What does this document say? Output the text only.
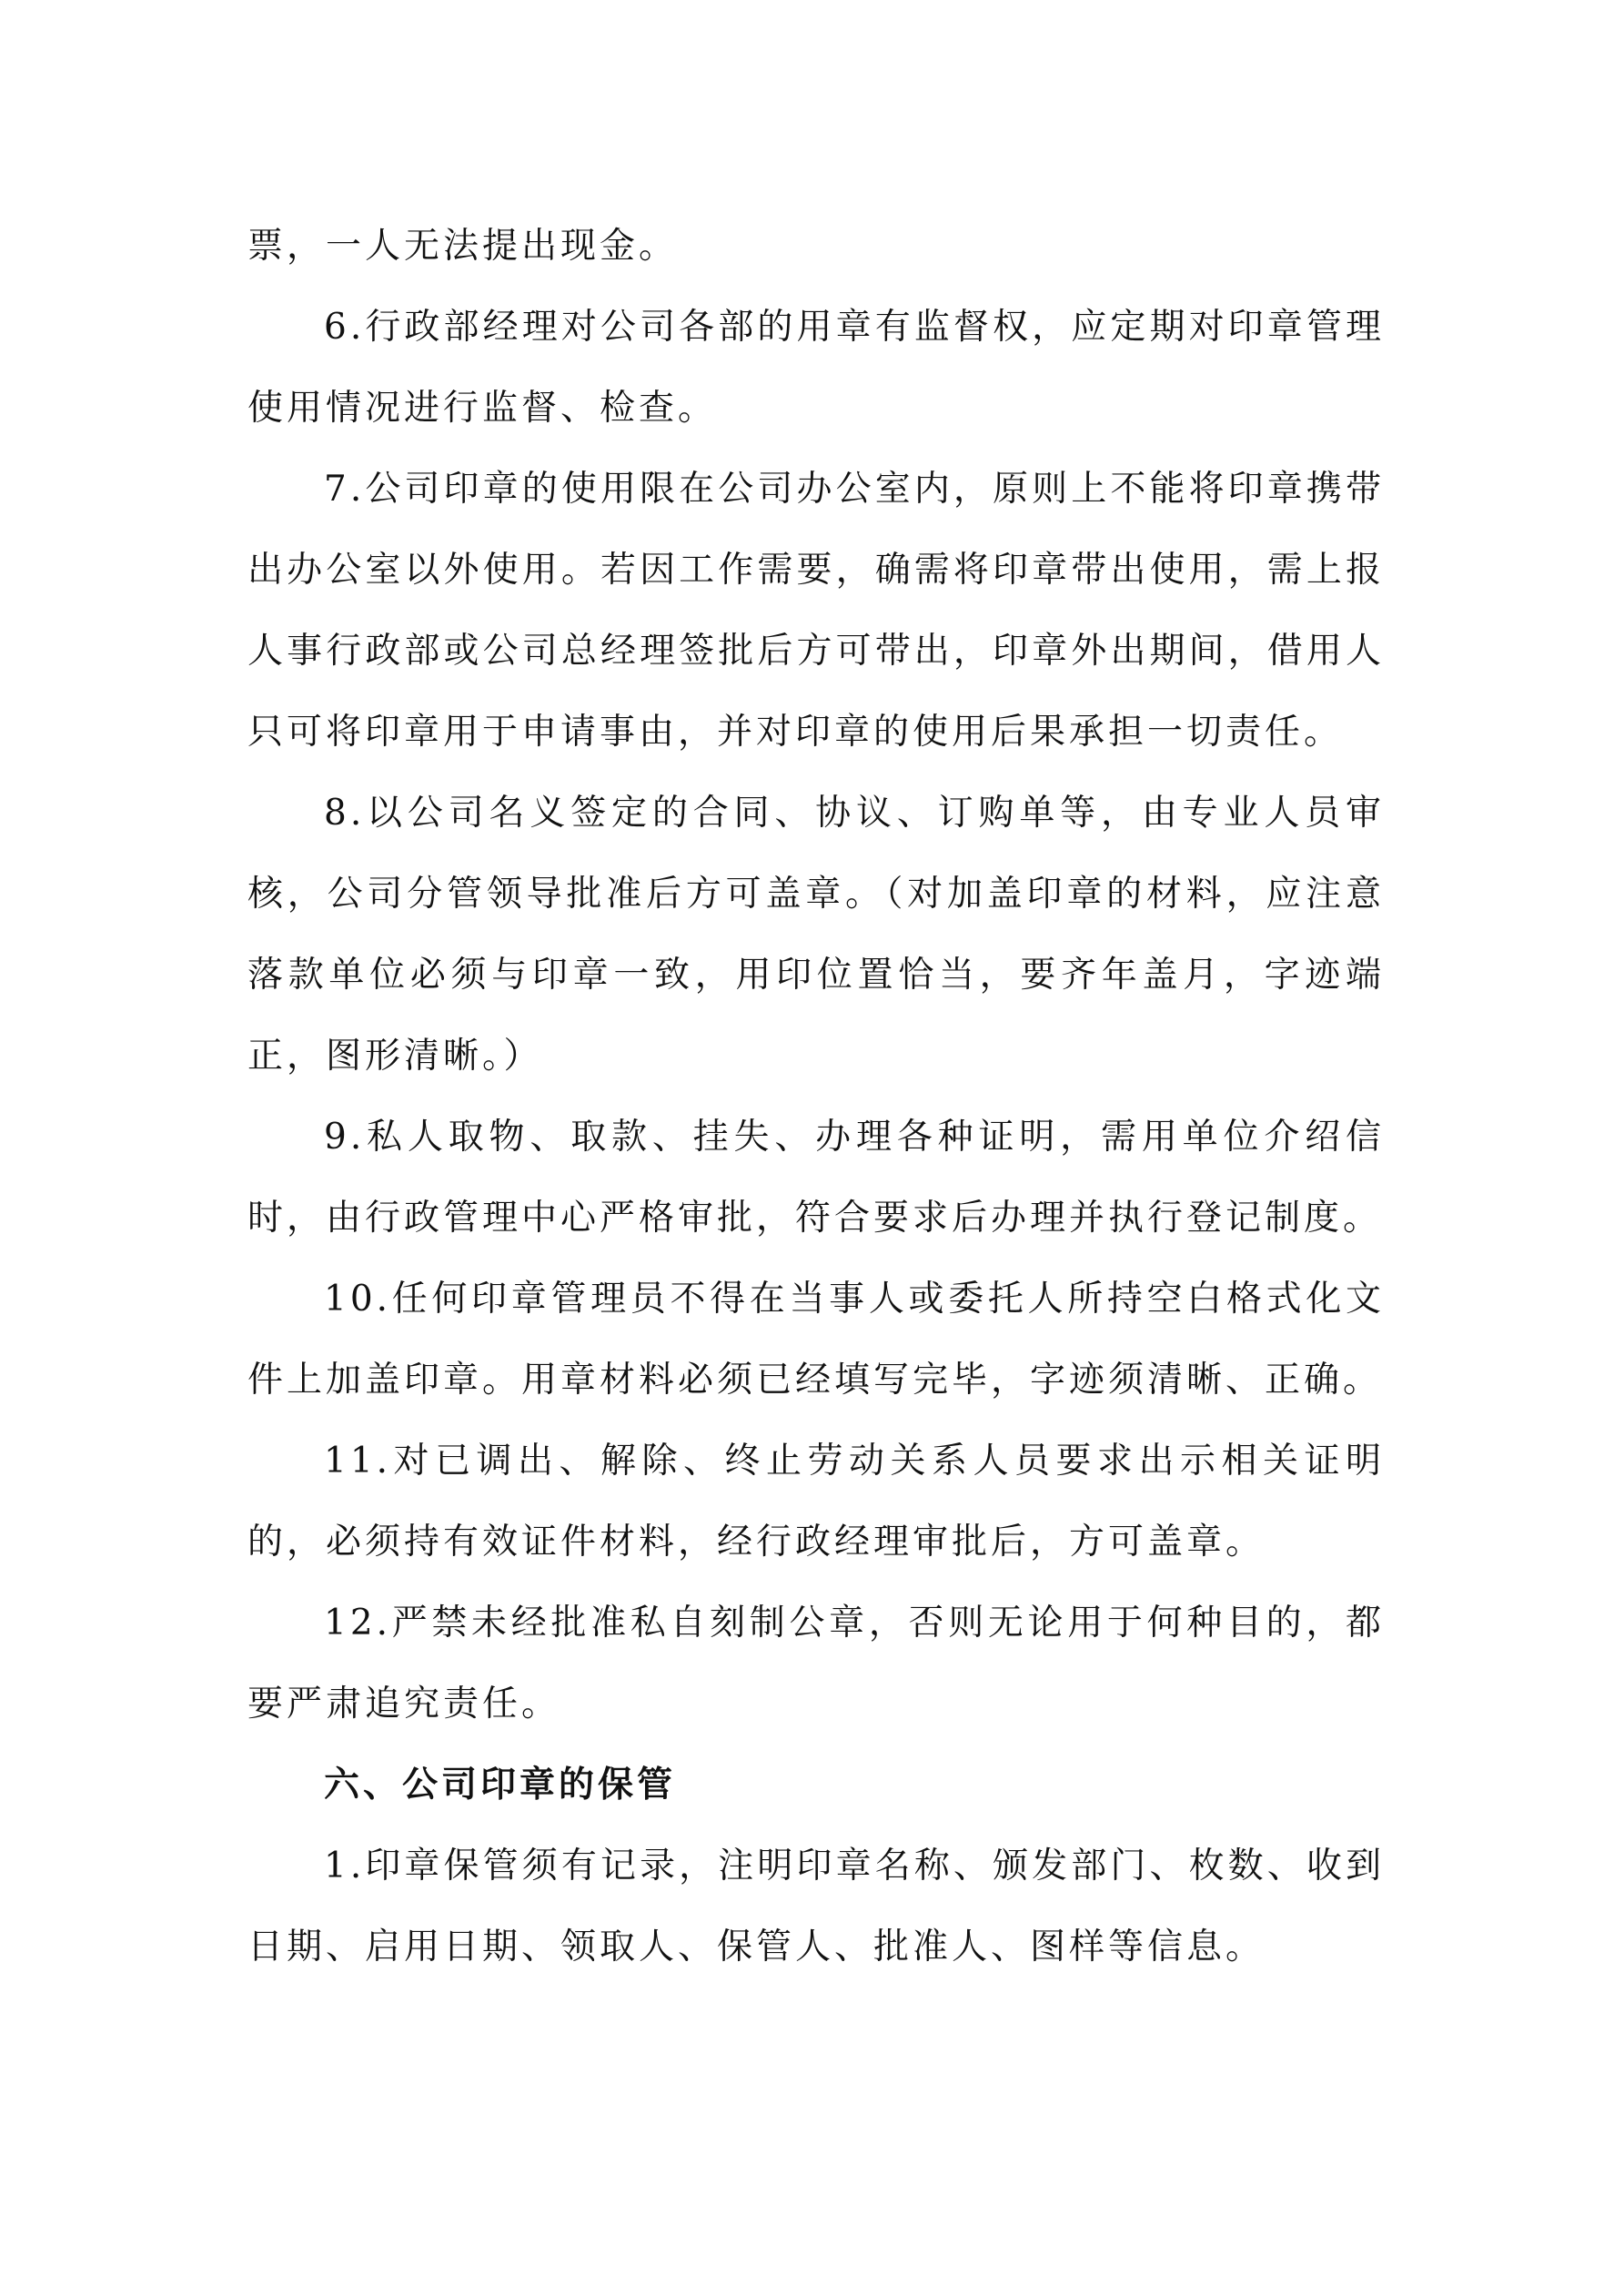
票，一人无法提出现金。

6.行政部经理对公司各部的用章有监督权，应定期对印章管理使用情况进行监督、检查。

7.公司印章的使用限在公司办公室内，原则上不能将印章携带出办公室以外使用。若因工作需要，确需将印章带出使用，需上报人事行政部或公司总经理签批后方可带出，印章外出期间，借用人只可将印章用于申请事由，并对印章的使用后果承担一切责任。

8.以公司名义签定的合同、协议、订购单等，由专业人员审核，公司分管领导批准后方可盖章。（对加盖印章的材料，应注意落款单位必须与印章一致，用印位置恰当，要齐年盖月，字迹端正，图形清晰。）

9.私人取物、取款、挂失、办理各种证明，需用单位介绍信时，由行政管理中心严格审批，符合要求后办理并执行登记制度。

10.任何印章管理员不得在当事人或委托人所持空白格式化文件上加盖印章。用章材料必须已经填写完毕，字迹须清晰、正确。

11.对已调出、解除、终止劳动关系人员要求出示相关证明的，必须持有效证件材料，经行政经理审批后，方可盖章。

12.严禁未经批准私自刻制公章，否则无论用于何种目的，都要严肃追究责任。

六、公司印章的保管

1.印章保管须有记录，注明印章名称、颁发部门、枚数、收到日期、启用日期、领取人、保管人、批准人、图样等信息。
